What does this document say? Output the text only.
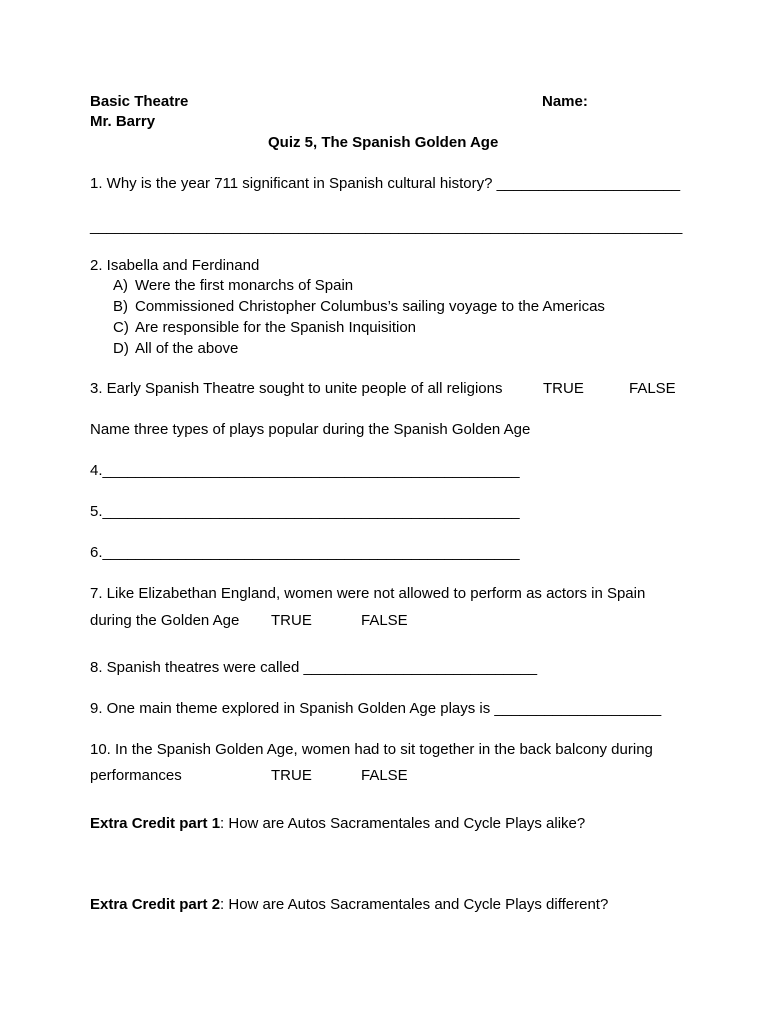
Basic Theatre	Name:
Mr. Barry
Quiz 5, The Spanish Golden Age
1. Why is the year 711 significant in Spanish cultural history? ______________________
_______________________________________________________________________
2. Isabella and Ferdinand
A) Were the first monarchs of Spain
B) Commissioned Christopher Columbus’s sailing voyage to the Americas
C) Are responsible for the Spanish Inquisition
D) All of the above
3. Early Spanish Theatre sought to unite people of all religions	TRUE	FALSE
Name three types of plays popular during the Spanish Golden Age
4.__________________________________________________
5.__________________________________________________
6.__________________________________________________
7. Like Elizabethan England, women were not allowed to perform as actors in Spain
during the Golden Age TRUE	FALSE
8. Spanish theatres were called ____________________________
9. One main theme explored in Spanish Golden Age plays is ____________________
10. In the Spanish Golden Age, women had to sit together in the back balcony during
performances	TRUE	FALSE
Extra Credit part 1: How are Autos Sacramentales and Cycle Plays alike?
Extra Credit part 2: How are Autos Sacramentales and Cycle Plays different?
